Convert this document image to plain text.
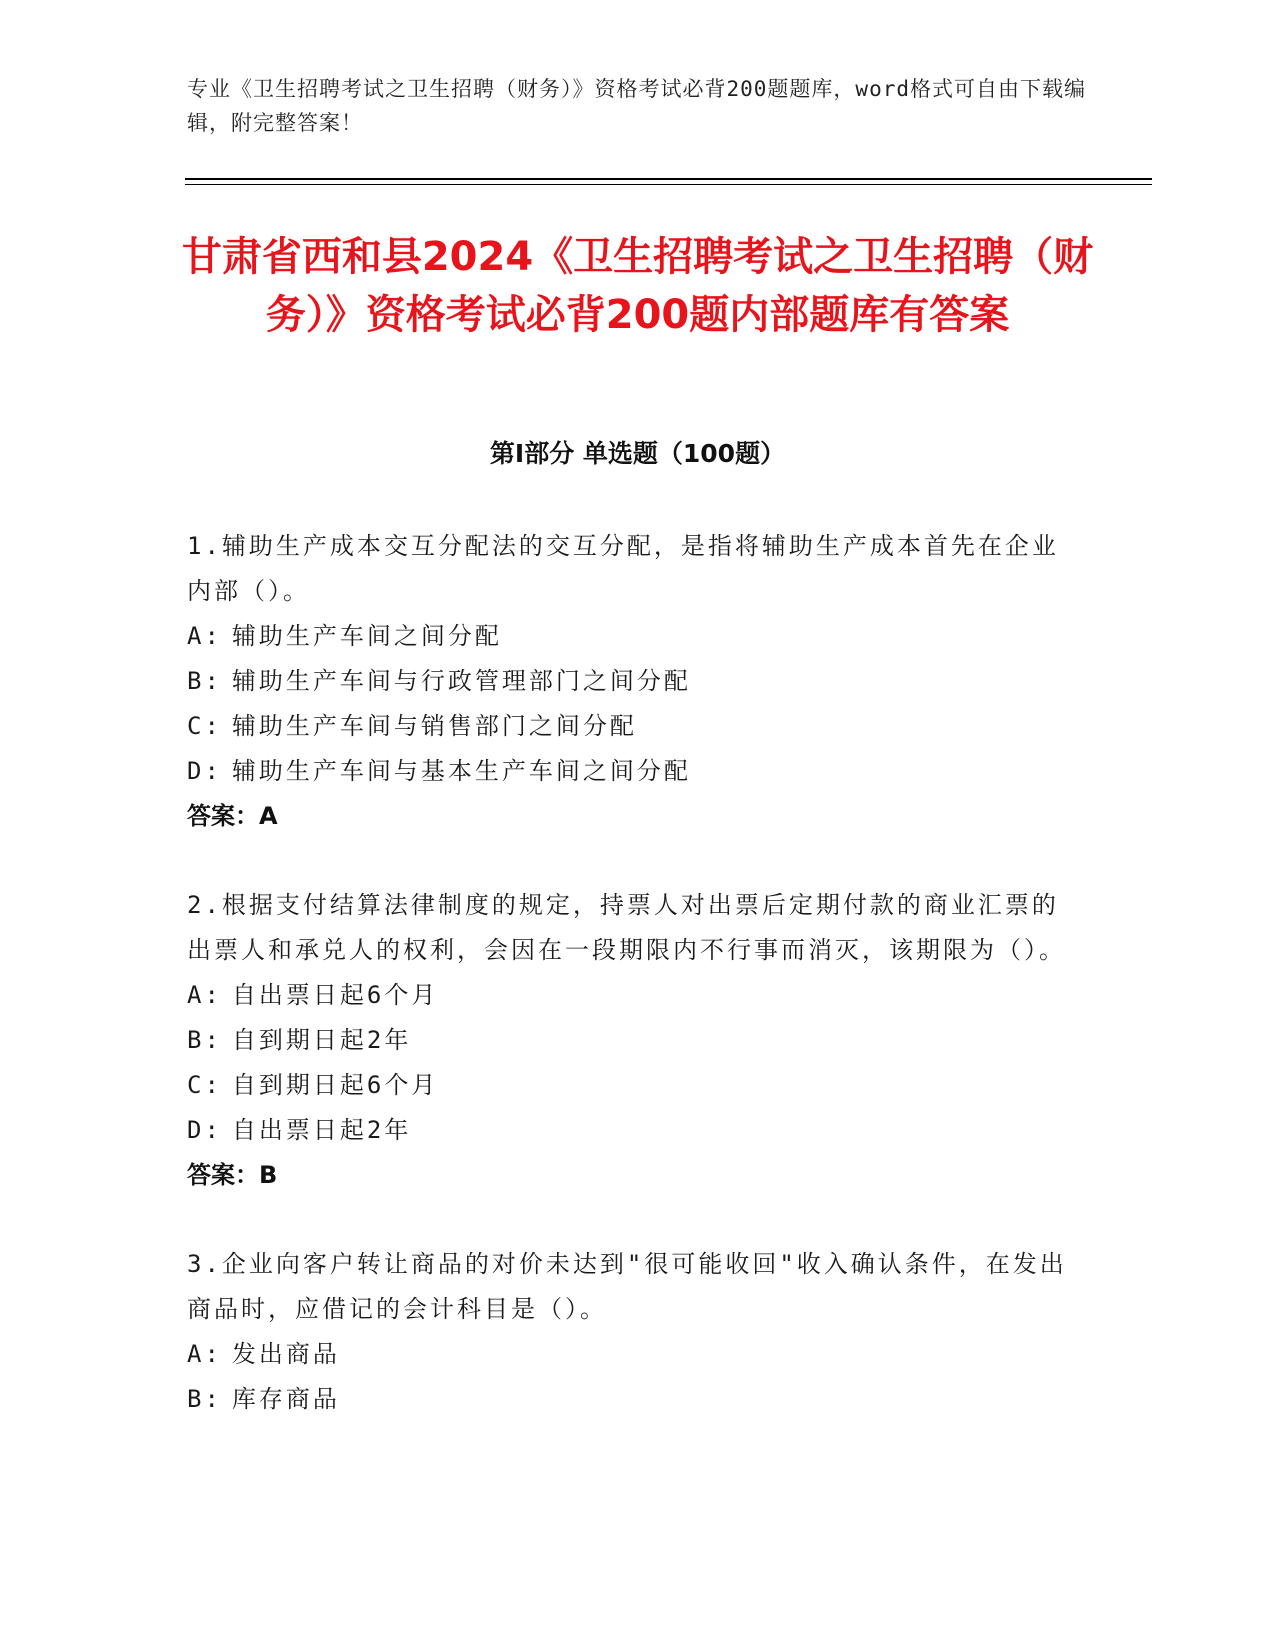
专业《卫生招聘考试之卫生招聘（财务）》资格考试必背200题题库，word格式可自由下载编辑，附完整答案！
甘肃省西和县2024《卫生招聘考试之卫生招聘（财务）》资格考试必背200题内部题库有答案
第Ⅰ部分 单选题（100题）
1.辅助生产成本交互分配法的交互分配，是指将辅助生产成本首先在企业内部（）。
A: 辅助生产车间之间分配
B: 辅助生产车间与行政管理部门之间分配
C: 辅助生产车间与销售部门之间分配
D: 辅助生产车间与基本生产车间之间分配
答案：A
2.根据支付结算法律制度的规定，持票人对出票后定期付款的商业汇票的出票人和承兑人的权利，会因在一段期限内不行事而消灭，该期限为（）。
A: 自出票日起6个月
B: 自到期日起2年
C: 自到期日起6个月
D: 自出票日起2年
答案：B
3.企业向客户转让商品的对价未达到"很可能收回"收入确认条件，在发出商品时，应借记的会计科目是（）。
A: 发出商品
B: 库存商品
